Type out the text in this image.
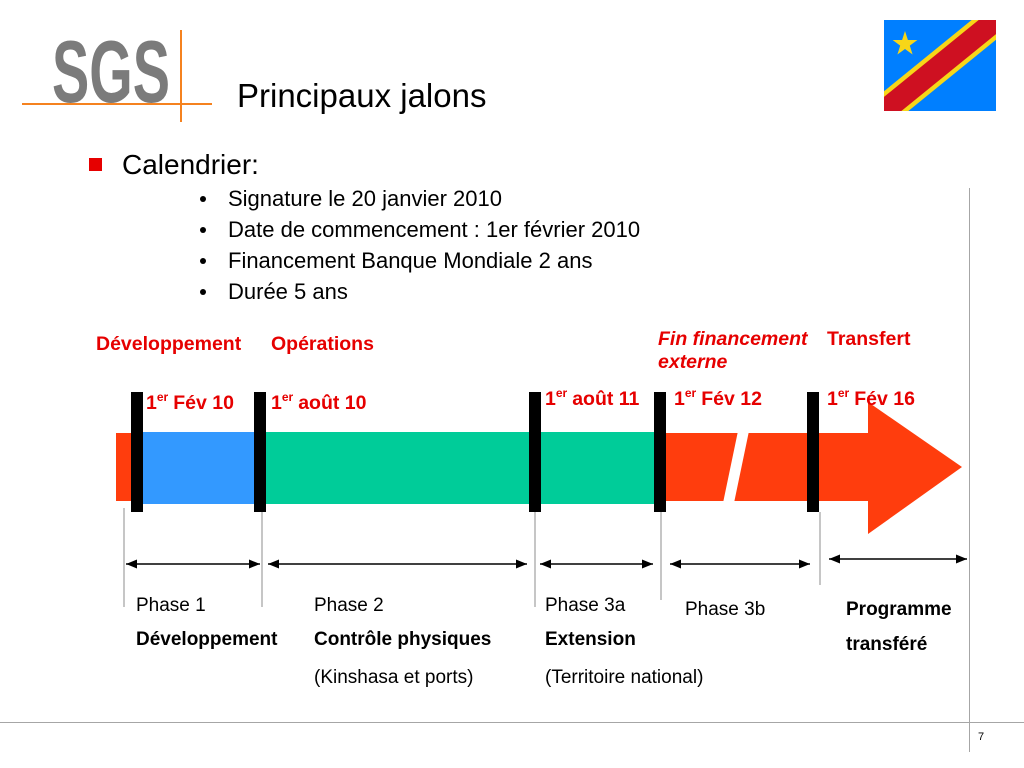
SGS Principaux jalons
Calendrier:
Signature le 20 janvier 2010
Date de commencement : 1er février 2010
Financement Banque Mondiale 2 ans
Durée 5 ans
Développement Opérations	Fin financement externe
Transfert
1er Fév 10 1er août 10	1er août 11 1er Fév 12	1er Fév 16
Phase 1
Développement
Phase 2
Contrôle physiques
(Kinshasa et ports)
Phase 3a
Extension
(Territoire national)
Phase 3b	Programme transféré
7
